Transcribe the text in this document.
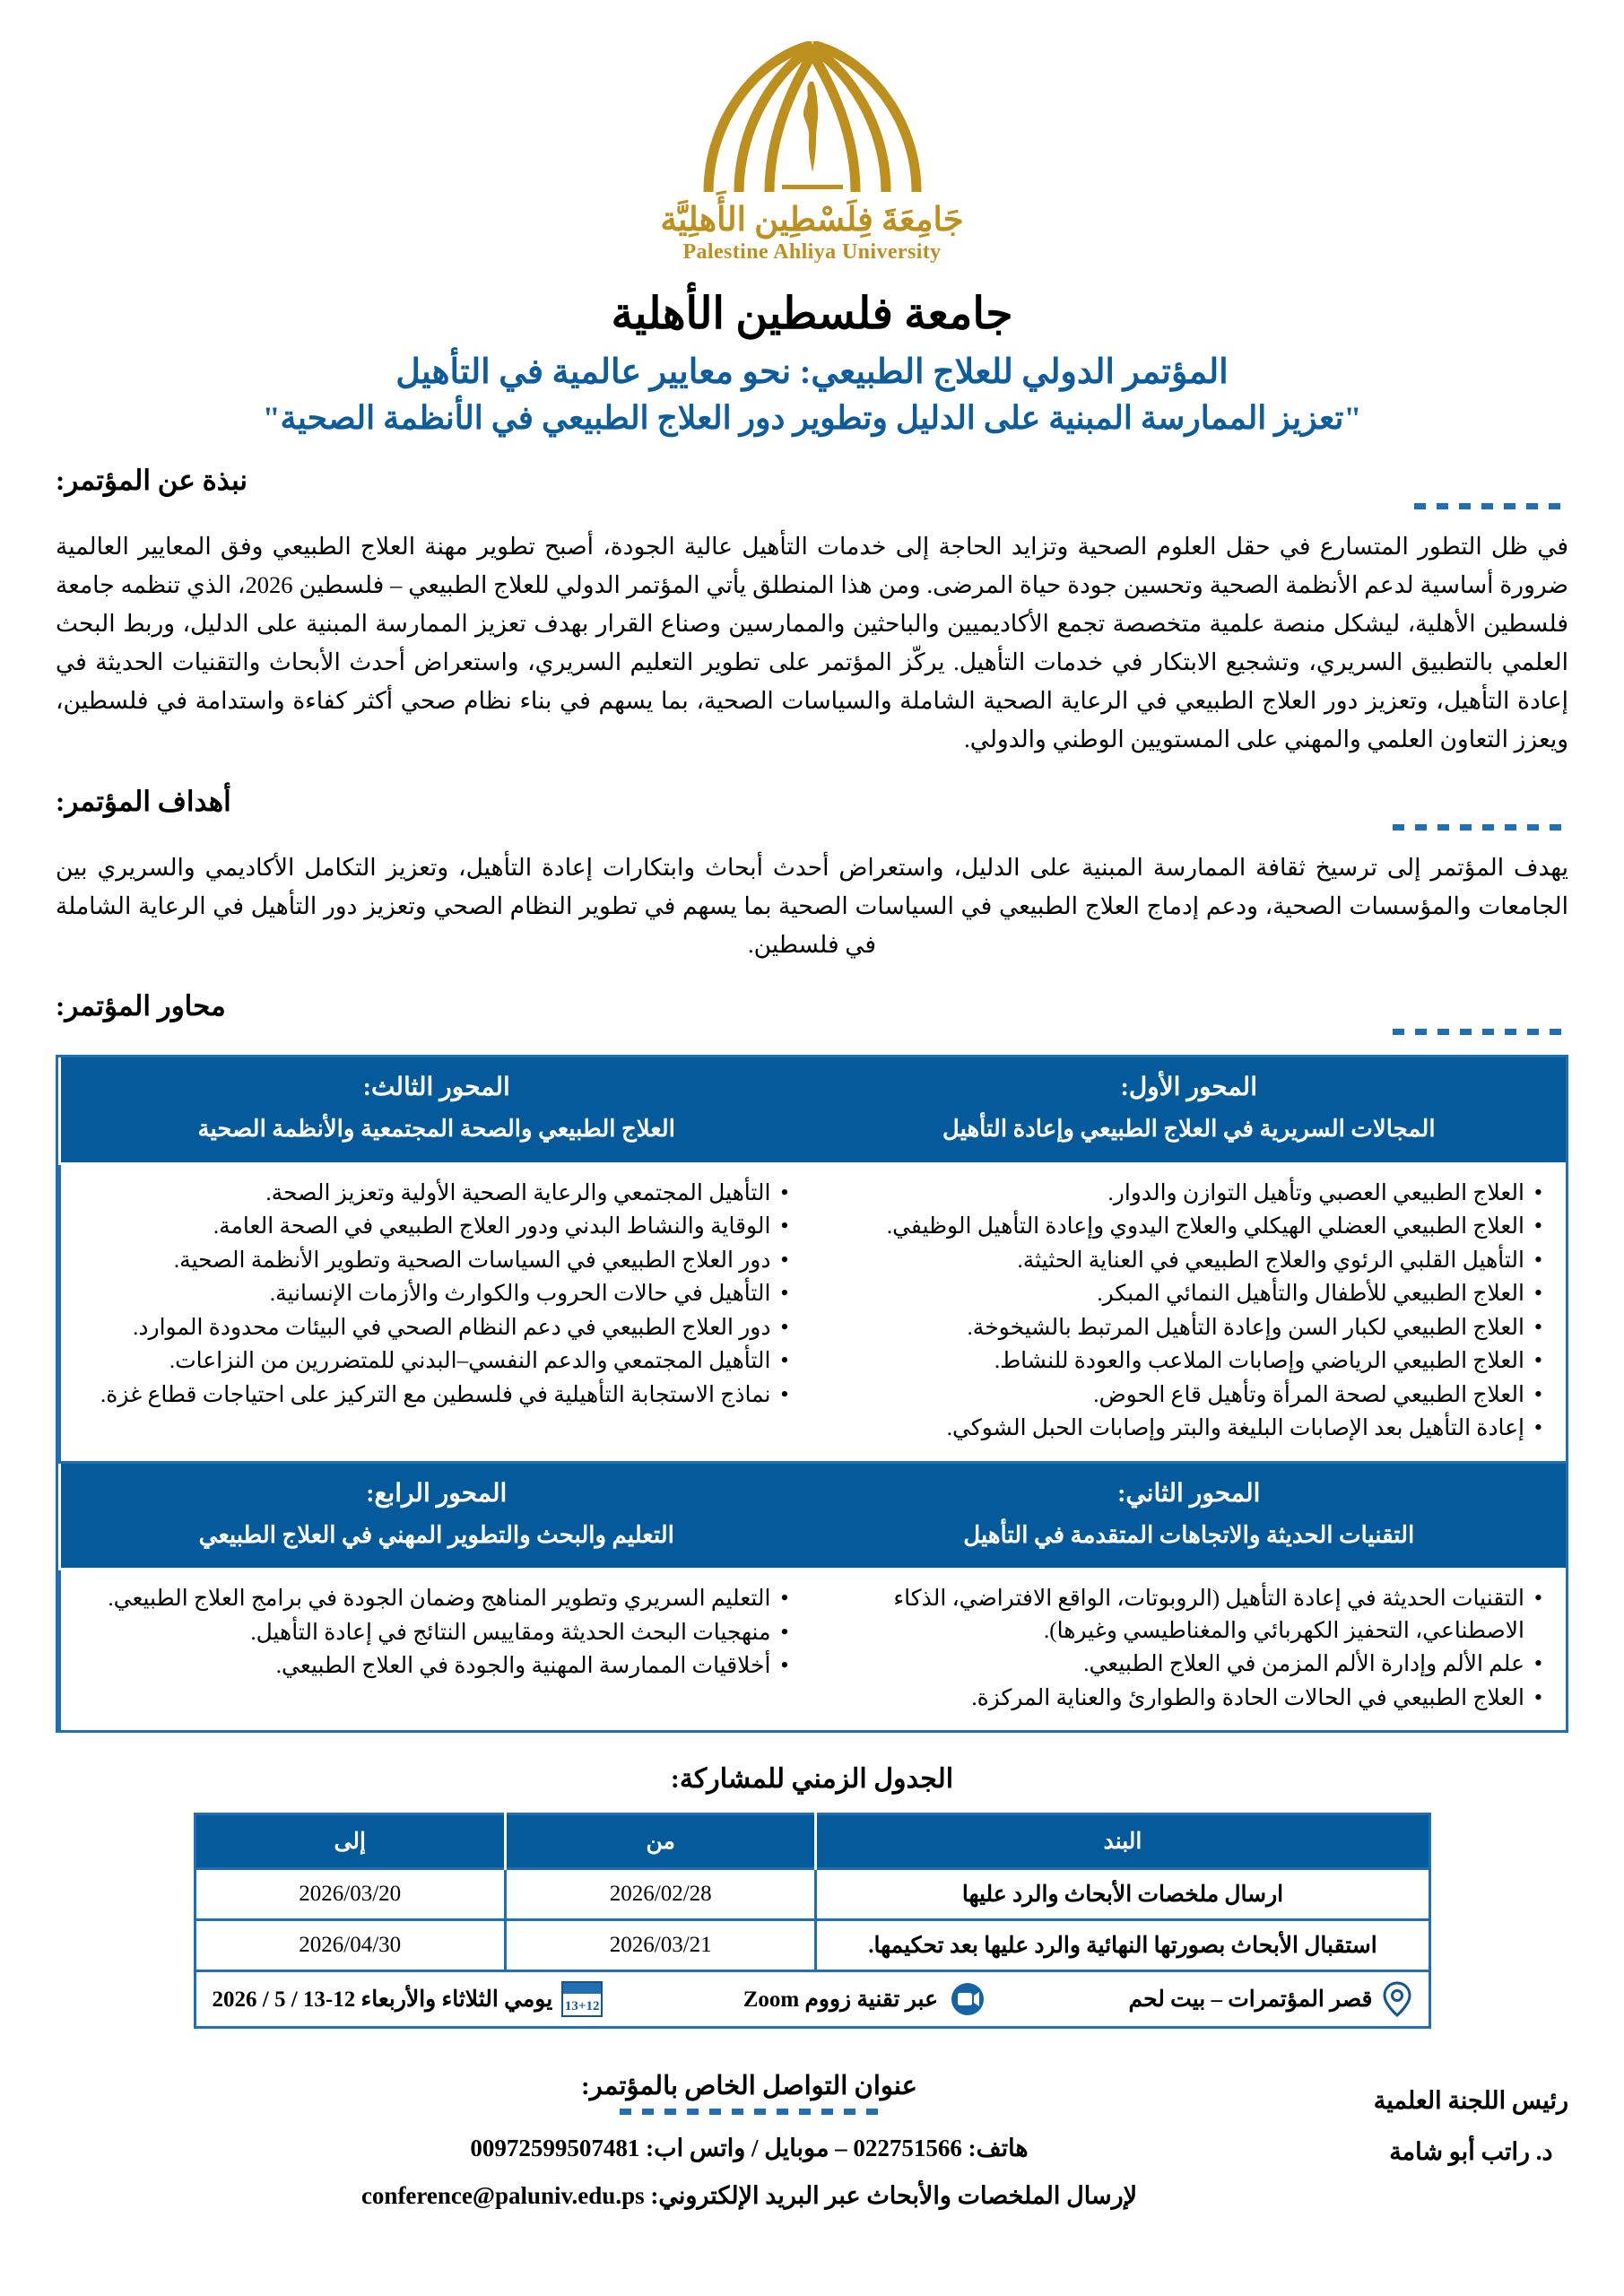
جَامِعَةَ فِلَسْطِين الأَهلِيَّة
Palestine Ahliya University
جامعة فلسطين الأهلية
المؤتمر الدولي للعلاج الطبيعي: نحو معايير عالمية في التأهيل
"تعزيز الممارسة المبنية على الدليل وتطوير دور العلاج الطبيعي في الأنظمة الصحية"
نبذة عن المؤتمر:
في ظل التطور المتسارع في حقل العلوم الصحية وتزايد الحاجة إلى خدمات التأهيل عالية الجودة، أصبح تطوير مهنة العلاج الطبيعي وفق المعايير العالمية ضرورة أساسية لدعم الأنظمة الصحية وتحسين جودة حياة المرضى. ومن هذا المنطلق يأتي المؤتمر الدولي للعلاج الطبيعي – فلسطين 2026، الذي تنظمه جامعة فلسطين الأهلية، ليشكل منصة علمية متخصصة تجمع الأكاديميين والباحثين والممارسين وصناع القرار بهدف تعزيز الممارسة المبنية على الدليل، وربط البحث العلمي بالتطبيق السريري، وتشجيع الابتكار في خدمات التأهيل. يركّز المؤتمر على تطوير التعليم السريري، واستعراض أحدث الأبحاث والتقنيات الحديثة في إعادة التأهيل، وتعزيز دور العلاج الطبيعي في الرعاية الصحية الشاملة والسياسات الصحية، بما يسهم في بناء نظام صحي أكثر كفاءة واستدامة في فلسطين، ويعزز التعاون العلمي والمهني على المستويين الوطني والدولي.
أهداف المؤتمر:
يهدف المؤتمر إلى ترسيخ ثقافة الممارسة المبنية على الدليل، واستعراض أحدث أبحاث وابتكارات إعادة التأهيل، وتعزيز التكامل الأكاديمي والسريري بين الجامعات والمؤسسات الصحية، ودعم إدماج العلاج الطبيعي في السياسات الصحية بما يسهم في تطوير النظام الصحي وتعزيز دور التأهيل في الرعاية الشاملة في فلسطين.
محاور المؤتمر:
المحور الأول:
المجالات السريرية في العلاج الطبيعي وإعادة التأهيل
المحور الثالث:
العلاج الطبيعي والصحة المجتمعية والأنظمة الصحية
• العلاج الطبيعي العصبي وتأهيل التوازن والدوار.
• العلاج الطبيعي العضلي الهيكلي والعلاج اليدوي وإعادة التأهيل الوظيفي.
• التأهيل القلبي الرئوي والعلاج الطبيعي في العناية الحثيثة.
• العلاج الطبيعي للأطفال والتأهيل النمائي المبكر.
• العلاج الطبيعي لكبار السن وإعادة التأهيل المرتبط بالشيخوخة.
• العلاج الطبيعي الرياضي وإصابات الملاعب والعودة للنشاط.
• العلاج الطبيعي لصحة المرأة وتأهيل قاع الحوض.
• إعادة التأهيل بعد الإصابات البليغة والبتر وإصابات الحبل الشوكي.
• التأهيل المجتمعي والرعاية الصحية الأولية وتعزيز الصحة.
• الوقاية والنشاط البدني ودور العلاج الطبيعي في الصحة العامة.
• دور العلاج الطبيعي في السياسات الصحية وتطوير الأنظمة الصحية.
• التأهيل في حالات الحروب والكوارث والأزمات الإنسانية.
• دور العلاج الطبيعي في دعم النظام الصحي في البيئات محدودة الموارد.
• التأهيل المجتمعي والدعم النفسي–البدني للمتضررين من النزاعات.
• نماذج الاستجابة التأهيلية في فلسطين مع التركيز على احتياجات قطاع غزة.
المحور الثاني:
التقنيات الحديثة والاتجاهات المتقدمة في التأهيل
المحور الرابع:
التعليم والبحث والتطوير المهني في العلاج الطبيعي
• التقنيات الحديثة في إعادة التأهيل (الروبوتات، الواقع الافتراضي، الذكاء الاصطناعي، التحفيز الكهربائي والمغناطيسي وغيرها).
• علم الألم وإدارة الألم المزمن في العلاج الطبيعي.
• العلاج الطبيعي في الحالات الحادة والطوارئ والعناية المركزة.
• التعليم السريري وتطوير المناهج وضمان الجودة في برامج العلاج الطبيعي.
• منهجيات البحث الحديثة ومقاييس النتائج في إعادة التأهيل.
• أخلاقيات الممارسة المهنية والجودة في العلاج الطبيعي.
الجدول الزمني للمشاركة:
البند	من	إلى
ارسال ملخصات الأبحاث والرد عليها	2026/02/28	2026/03/20
استقبال الأبحاث بصورتها النهائية والرد عليها بعد تحكيمها.	2026/03/21	2026/04/30

قصر المؤتمرات – بيت لحم
عبر تقنية زووم Zoom
13+12
يومي الثلاثاء والأربعاء 12-13 / 5 / 2026		
رئيس اللجنة العلمية
د. راتب أبو شامة
عنوان التواصل الخاص بالمؤتمر:
هاتف: 022751566 – موبايل / واتس اب: 00972599507481
لإرسال الملخصات والأبحاث عبر البريد الإلكتروني: conference@paluniv.edu.ps
